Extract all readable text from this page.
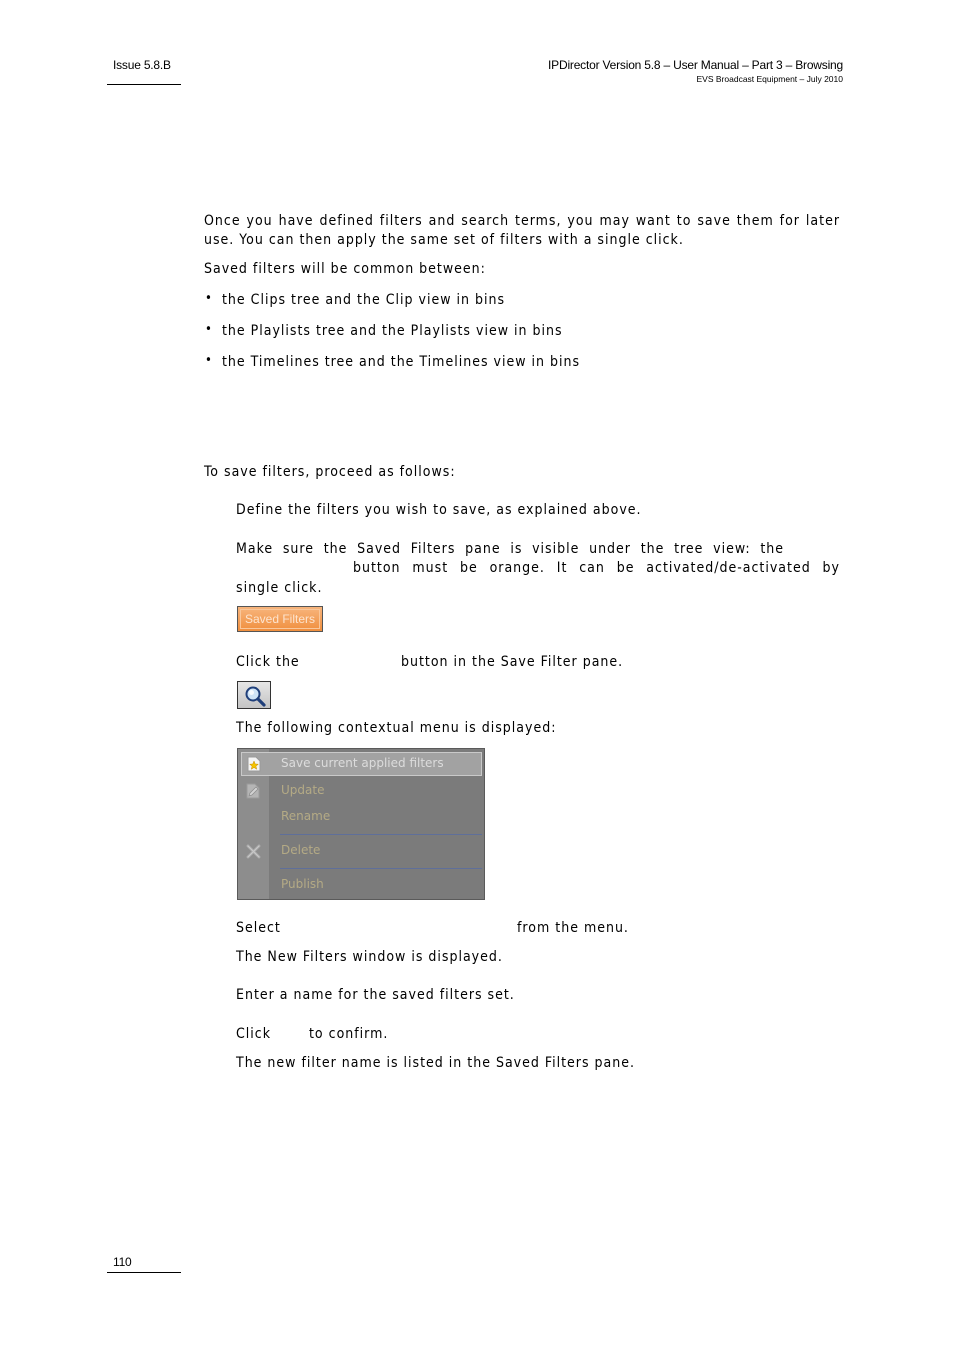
Issue 5.8.B	IPDirector Version 5.8 – User Manual – Part 3 – Browsing
EVS Broadcast Equipment – July 2010
Once you have defined filters and search terms, you may want to save them for later use. You can then apply the same set of filters with a single click.
Saved filters will be common between:
• the Clips tree and the Clip view in bins
• the Playlists tree and the Playlists view in bins
• the Timelines tree and the Timelines view in bins
To save filters, proceed as follows:
Define the filters you wish to save, as explained above.
Make sure the Saved Filters pane is visible under the tree view: the
button must be orange. It can be activated/de-activated by
single click.
Saved Filters
Click the	button in the Save Filter pane.
The following contextual menu is displayed:
Save current applied filters
Update
Rename
Delete
Publish
Select	from the menu.
The New Filters window is displayed.
Enter a name for the saved filters set.
Click	to confirm.
The new filter name is listed in the Saved Filters pane.
110
